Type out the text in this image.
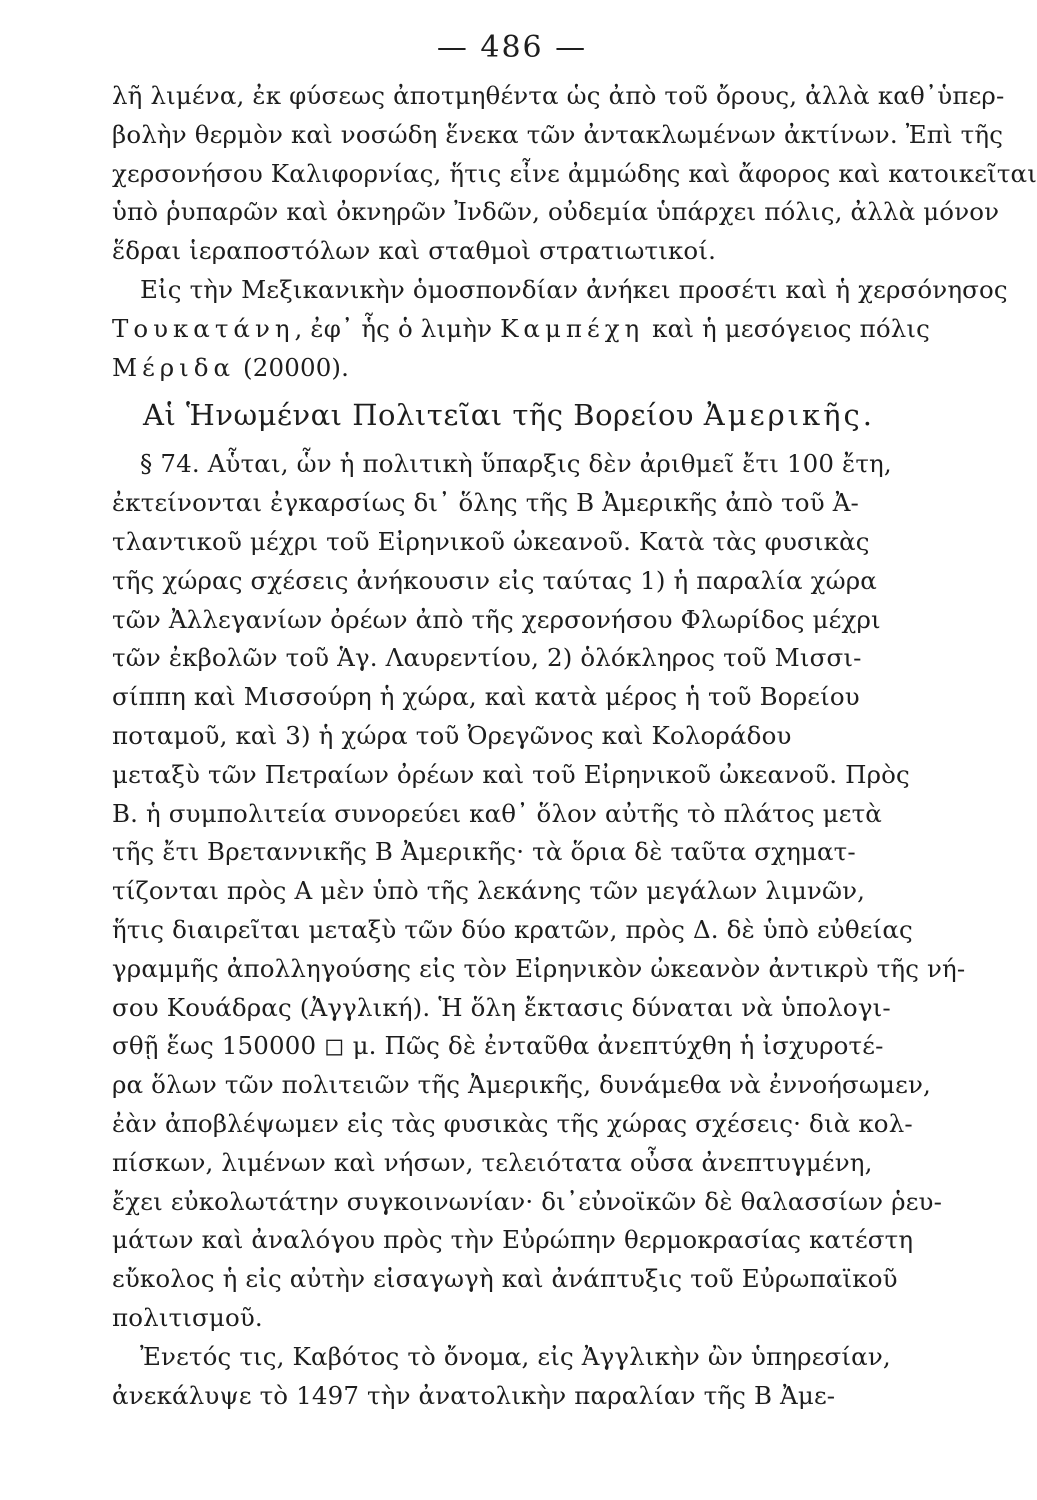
— 486 —
λῆ λιμένα, ἐκ φύσεως ἀποτμηθέντα ὡς ἀπὸ τοῦ ὄρους, ἀλλὰ καθ᾽ὑπερ-
βολὴν θερμὸν καὶ νοσώδη ἕνεκα τῶν ἀντακλωμένων ἀκτίνων. Ἐπὶ τῆς
χερσονήσου Καλιφορνίας, ἥτις εἶνε ἀμμώδης καὶ ἄφορος καὶ κατοικεῖται
ὑπὸ ῥυπαρῶν καὶ ὀκνηρῶν Ἰνδῶν, οὐδεμία ὑπάρχει πόλις, ἀλλὰ μόνον
ἕδραι ἱεραποστόλων καὶ σταθμοὶ στρατιωτικοί.
Εἰς τὴν Μεξικανικὴν ὁμοσπονδίαν ἀνήκει προσέτι καὶ ἡ χερσόνησος
Τουκατάνη, ἐφ᾽ ἧς ὁ λιμὴν Καμπέχη καὶ ἡ μεσόγειος πόλις
Μέριδα (20000).
Αἱ Ἡνωμέναι Πολιτεῖαι τῆς Βορείου Ἀμερικῆς.
§ 74. Αὗται, ὧν ἡ πολιτικὴ ὕπαρξις δὲν ἀριθμεῖ ἔτι 100 ἔτη,
ἐκτείνονται ἐγκαρσίως δι᾽ ὅλης τῆς Β Ἀμερικῆς ἀπὸ τοῦ Ἀ-
τλαντικοῦ μέχρι τοῦ Εἰρηνικοῦ ὠκεανοῦ. Κατὰ τὰς φυσικὰς
τῆς χώρας σχέσεις ἀνήκουσιν εἰς ταύτας 1) ἡ παραλία χώρα
τῶν Ἀλλεγανίων ὀρέων ἀπὸ τῆς χερσονήσου Φλωρίδος μέχρι
τῶν ἐκβολῶν τοῦ Ἁγ. Λαυρεντίου, 2) ὁλόκληρος τοῦ Μισσι-
σίππη καὶ Μισσούρη ἡ χώρα, καὶ κατὰ μέρος ἡ τοῦ Βορείου
ποταμοῦ, καὶ 3) ἡ χώρα τοῦ Ὀρεγῶνος καὶ Κολοράδου
μεταξὺ τῶν Πετραίων ὀρέων καὶ τοῦ Εἰρηνικοῦ ὠκεανοῦ. Πρὸς
Β. ἡ συμπολιτεία συνορεύει καθ᾽ ὅλον αὐτῆς τὸ πλάτος μετὰ
τῆς ἔτι Βρεταννικῆς Β Ἀμερικῆς· τὰ ὅρια δὲ ταῦτα σχηματ-
τίζονται πρὸς Α μὲν ὑπὸ τῆς λεκάνης τῶν μεγάλων λιμνῶν,
ἥτις διαιρεῖται μεταξὺ τῶν δύο κρατῶν, πρὸς Δ. δὲ ὑπὸ εὐθείας
γραμμῆς ἀπολληγούσης εἰς τὸν Εἰρηνικὸν ὠκεανὸν ἀντικρὺ τῆς νή-
σου Κουάδρας (Ἀγγλική). Ἡ ὅλη ἔκτασις δύναται νὰ ὑπολογι-
σθῇ ἕως 150000 ◻ μ. Πῶς δὲ ἐνταῦθα ἀνεπτύχθη ἡ ἰσχυροτέ-
ρα ὅλων τῶν πολιτειῶν τῆς Ἀμερικῆς, δυνάμεθα νὰ ἐννοήσωμεν,
ἐὰν ἀποβλέψωμεν εἰς τὰς φυσικὰς τῆς χώρας σχέσεις· διὰ κολ-
πίσκων, λιμένων καὶ νήσων, τελειότατα οὖσα ἀνεπτυγμένη,
ἔχει εὐκολωτάτην συγκοινωνίαν· δι᾽εὐνοϊκῶν δὲ θαλασσίων ῥευ-
μάτων καὶ ἀναλόγου πρὸς τὴν Εὐρώπην θερμοκρασίας κατέστη
εὔκολος ἡ εἰς αὐτὴν εἰσαγωγὴ καὶ ἀνάπτυξις τοῦ Εὐρωπαϊκοῦ
πολιτισμοῦ.
Ἐνετός τις, Καβότος τὸ ὄνομα, εἰς Ἀγγλικὴν ὢν ὑπηρεσίαν,
ἀνεκάλυψε τὸ 1497 τὴν ἀνατολικὴν παραλίαν τῆς Β Ἀμε-
